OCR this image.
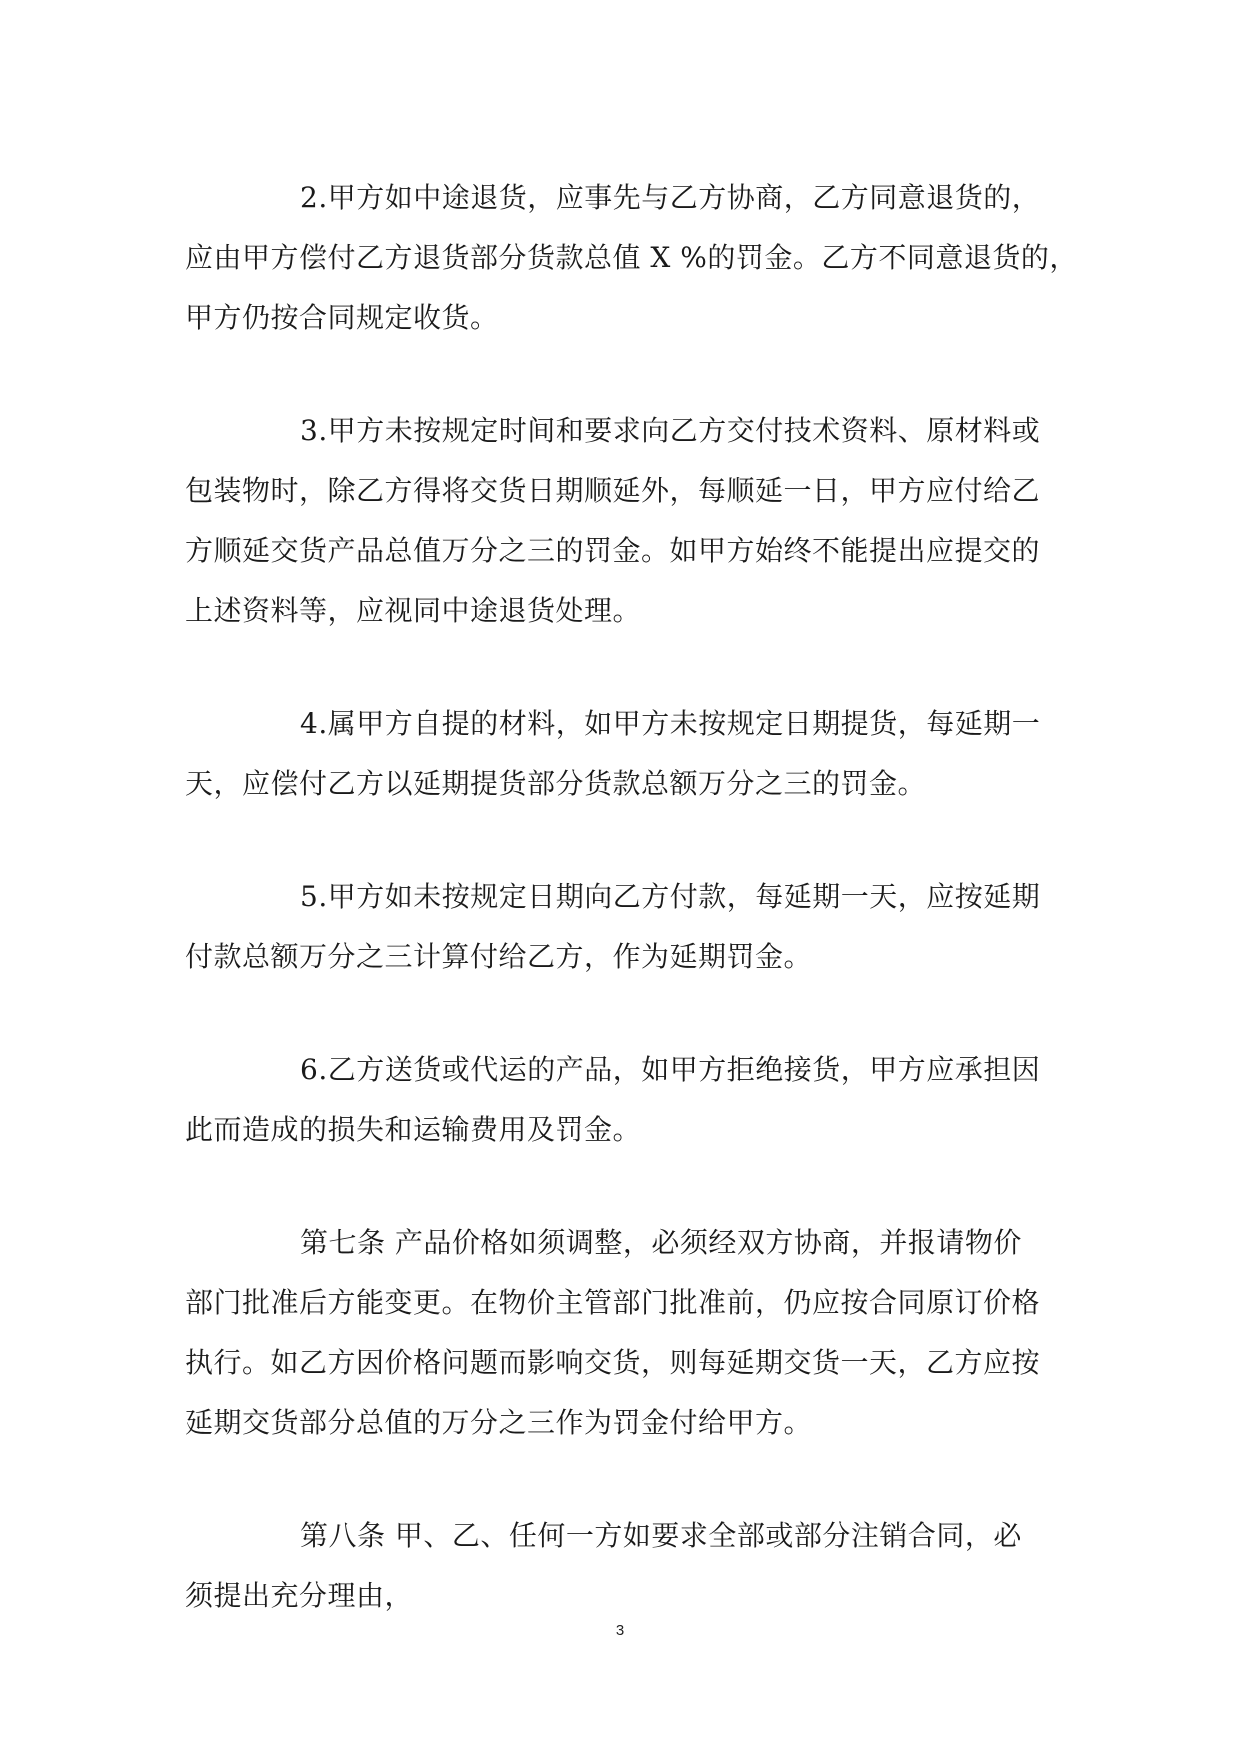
2.甲方如中途退货，应事先与乙方协商，乙方同意退货的，
应由甲方偿付乙方退货部分货款总值 X %的罚金。乙方不同意退货的，
甲方仍按合同规定收货。

3.甲方未按规定时间和要求向乙方交付技术资料、原材料或
包装物时，除乙方得将交货日期顺延外，每顺延一日，甲方应付给乙
方顺延交货产品总值万分之三的罚金。如甲方始终不能提出应提交的
上述资料等，应视同中途退货处理。

4.属甲方自提的材料，如甲方未按规定日期提货，每延期一
天，应偿付乙方以延期提货部分货款总额万分之三的罚金。

5.甲方如未按规定日期向乙方付款，每延期一天，应按延期
付款总额万分之三计算付给乙方，作为延期罚金。

6.乙方送货或代运的产品，如甲方拒绝接货，甲方应承担因
此而造成的损失和运输费用及罚金。

第七条 产品价格如须调整，必须经双方协商，并报请物价
部门批准后方能变更。在物价主管部门批准前，仍应按合同原订价格
执行。如乙方因价格问题而影响交货，则每延期交货一天，乙方应按
延期交货部分总值的万分之三作为罚金付给甲方。

第八条 甲、乙、任何一方如要求全部或部分注销合同，必
须提出充分理由，

3
